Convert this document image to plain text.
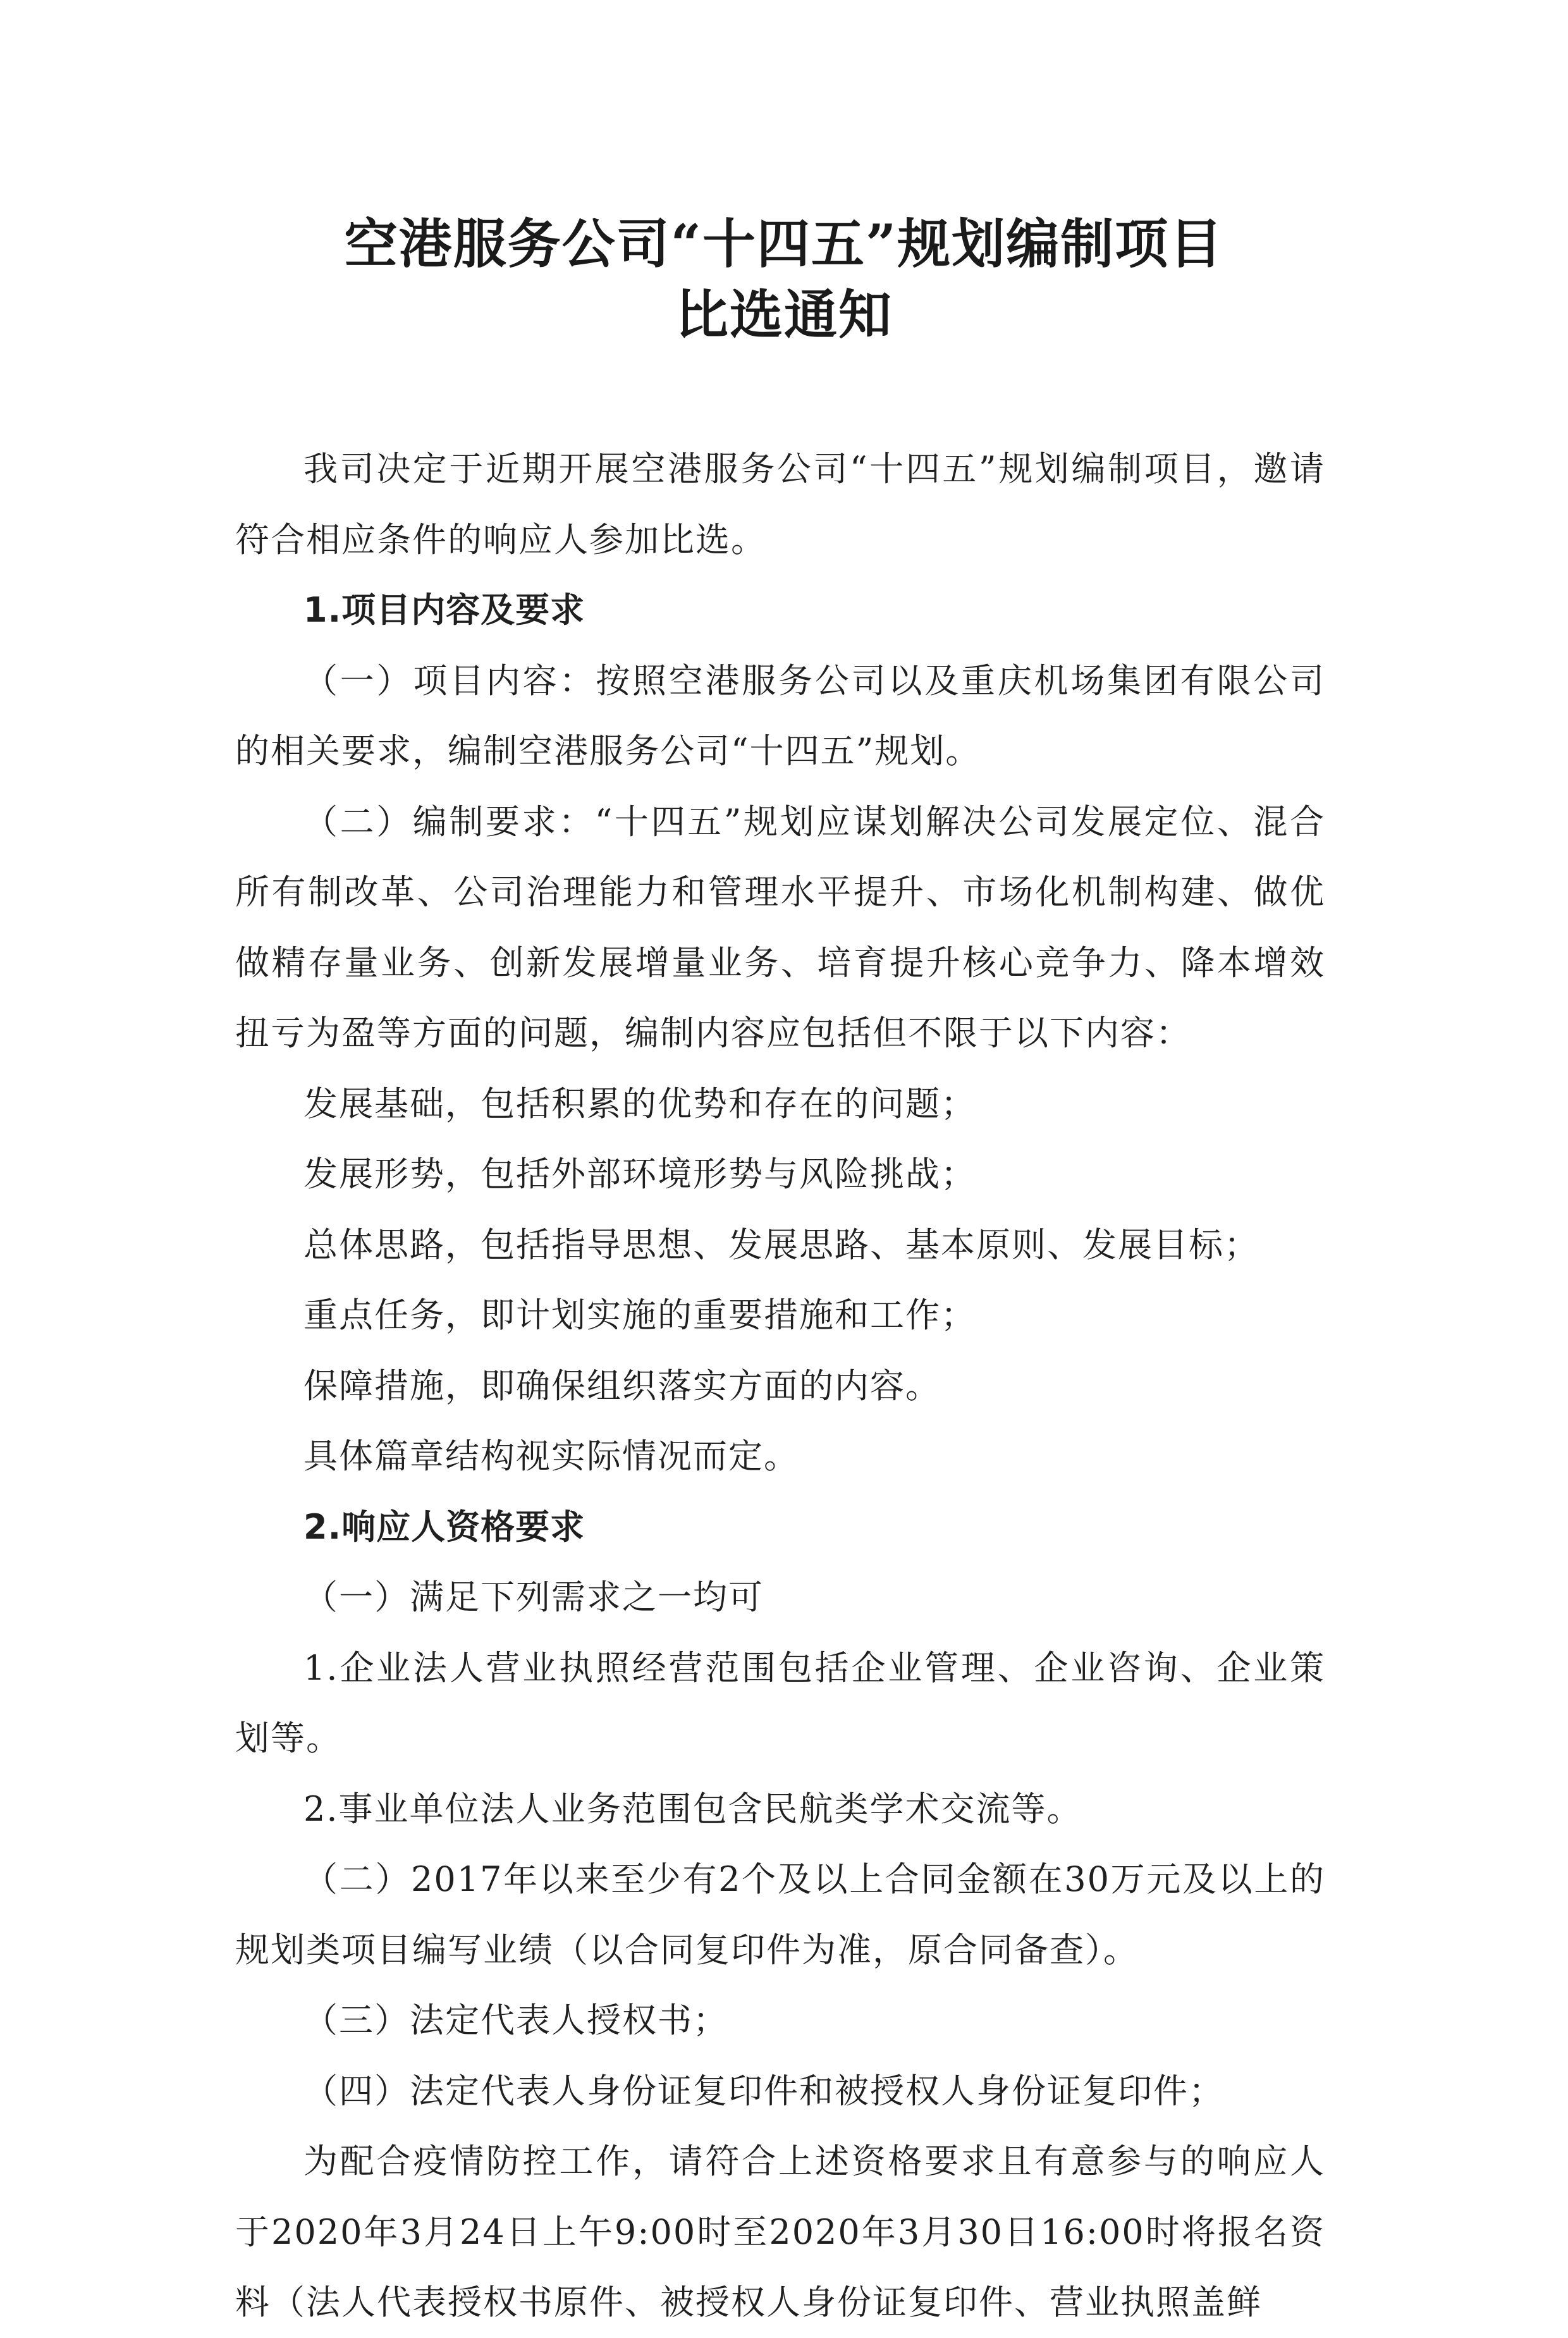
空港服务公司“十四五”规划编制项目
比选通知

我司决定于近期开展空港服务公司“十四五”规划编制项目，邀请符合相应条件的响应人参加比选。

1.项目内容及要求

（一）项目内容：按照空港服务公司以及重庆机场集团有限公司的相关要求，编制空港服务公司“十四五”规划。

（二）编制要求：“十四五”规划应谋划解决公司发展定位、混合所有制改革、公司治理能力和管理水平提升、市场化机制构建、做优做精存量业务、创新发展增量业务、培育提升核心竞争力、降本增效扭亏为盈等方面的问题，编制内容应包括但不限于以下内容：

发展基础，包括积累的优势和存在的问题；

发展形势，包括外部环境形势与风险挑战；

总体思路，包括指导思想、发展思路、基本原则、发展目标；

重点任务，即计划实施的重要措施和工作；

保障措施，即确保组织落实方面的内容。

具体篇章结构视实际情况而定。

2.响应人资格要求

（一）满足下列需求之一均可

1.企业法人营业执照经营范围包括企业管理、企业咨询、企业策划等。

2.事业单位法人业务范围包含民航类学术交流等。

（二）2017年以来至少有2个及以上合同金额在30万元及以上的规划类项目编写业绩（以合同复印件为准，原合同备查）。

（三）法定代表人授权书；

（四）法定代表人身份证复印件和被授权人身份证复印件；

为配合疫情防控工作，请符合上述资格要求且有意参与的响应人于2020年3月24日上午9:00时至2020年3月30日16:00时将报名资料（法人代表授权书原件、被授权人身份证复印件、营业执照盖鲜
